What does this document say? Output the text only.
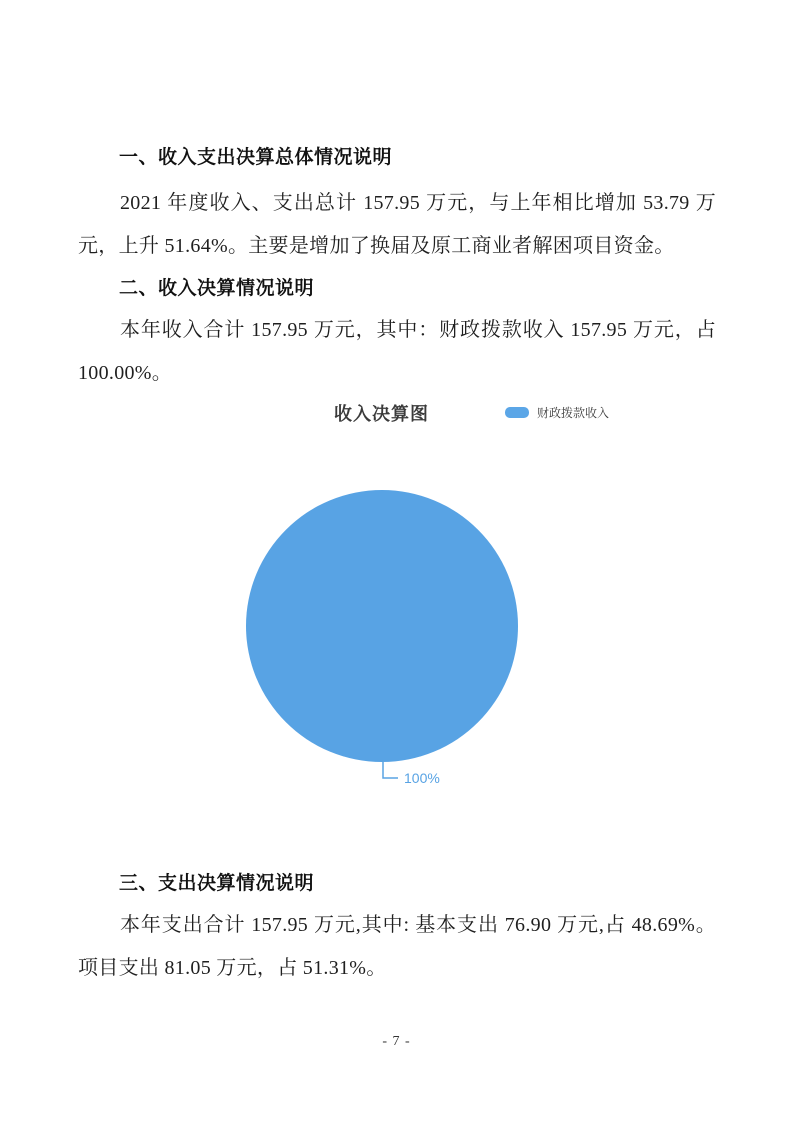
一、收入支出决算总体情况说明

2021 年度收入、支出总计 157.95 万元，与上年相比增加 53.79 万元，上升 51.64%。主要是增加了换届及原工商业者解困项目资金。

二、收入决算情况说明

本年收入合计 157.95 万元，其中：财政拨款收入 157.95 万元，占 100.00%。

收入决算图	财政拨款收入
100%
三、支出决算情况说明

本年支出合计 157.95 万元,其中: 基本支出 76.90 万元,占 48.69%。项目支出 81.05 万元，占 51.31%。

- 7 -
